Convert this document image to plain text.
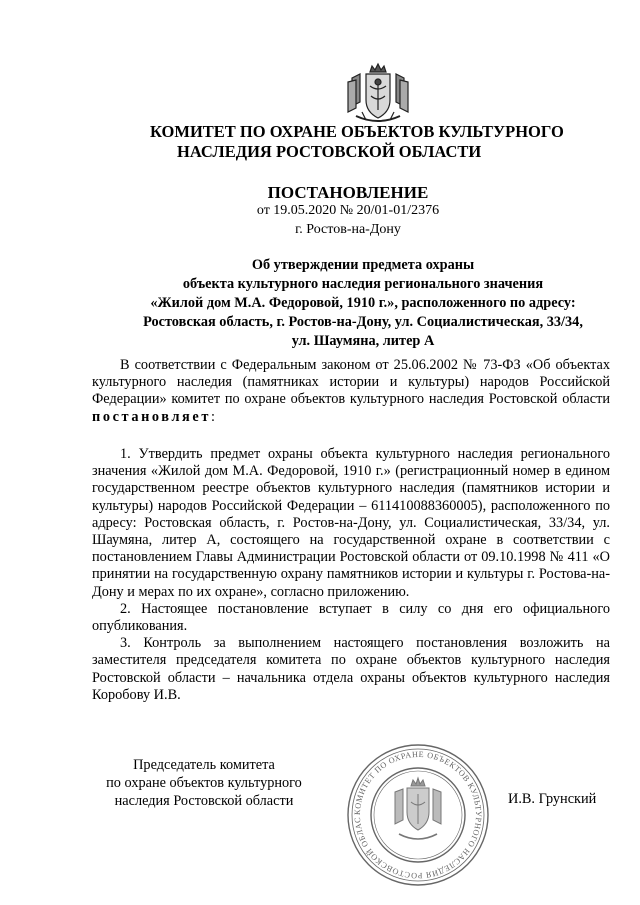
КОМИТЕТ ПО ОХРАНЕ ОБЪЕКТОВ КУЛЬТУРНОГО
НАСЛЕДИЯ РОСТОВСКОЙ ОБЛАСТИ
ПОСТАНОВЛЕНИЕ
от 19.05.2020 № 20/01-01/2376
г. Ростов-на-Дону
Об утверждении предмета охраны
объекта культурного наследия регионального значения
«Жилой дом М.А. Федоровой, 1910 г.», расположенного по адресу:
Ростовская область, г. Ростов-на-Дону, ул. Социалистическая, 33/34,
ул. Шаумяна, литер А

В соответствии с Федеральным законом от 25.06.2002 № 73-ФЗ «Об объектах культурного наследия (памятниках истории и культуры) народов Российской Федерации» комитет по охране объектов культурного наследия Ростовской области постановляет:

1. Утвердить предмет охраны объекта культурного наследия регионального значения «Жилой дом М.А. Федоровой, 1910 г.» (регистрационный номер в едином государственном реестре объектов культурного наследия (памятников истории и культуры) народов Российской Федерации – 611410088360005), расположенного по адресу: Ростовская область, г. Ростов-на-Дону, ул. Социалистическая, 33/34, ул. Шаумяна, литер А, состоящего на государственной охране в соответствии с постановлением Главы Администрации Ростовской области от 09.10.1998 № 411 «О принятии на государственную охрану памятников истории и культуры г. Ростова-на-Дону и мерах по их охране», согласно приложению.

2. Настоящее постановление вступает в силу со дня его официального опубликования.

3. Контроль за выполнением настоящего постановления возложить на заместителя председателя комитета по охране объектов культурного наследия Ростовской области – начальника отдела охраны объектов культурного наследия Коробову И.В.

Председатель комитета
по охране объектов культурного
наследия Ростовской области
КОМИТЕТ ПО ОХРАНЕ ОБЪЕКТОВ КУЛЬТУРНОГО НАСЛЕДИЯ РОСТОВСКОЙ ОБЛАС
И.В. Грунский
